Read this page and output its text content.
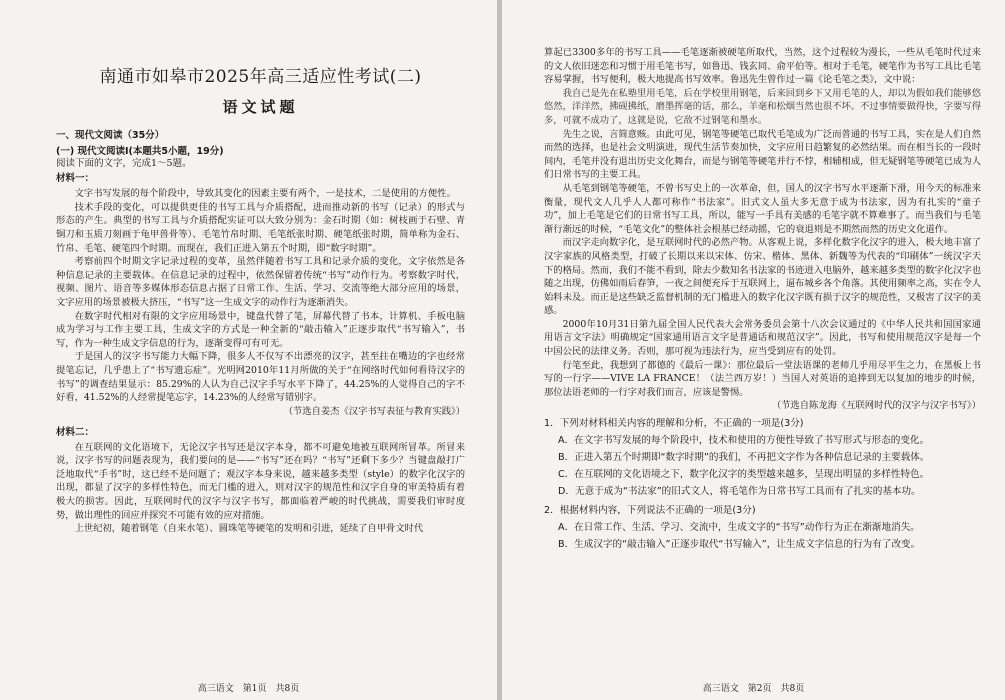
南通市如皋市2025年高三适应性考试(二)
语文试题
一、现代文阅读（35分）
(一) 现代文阅读Ⅰ(本题共5小题，19分)

阅读下面的文字，完成1～5题。

材料一：

文字书写发展的每个阶段中，导致其变化的因素主要有两个，一是技术，二是使用的方便性。

技术手段的变化，可以提供更佳的书写工具与介质搭配，进而推动新的书写（记录）的形式与形态的产生。典型的书写工具与介质搭配实证可以大致分别为：金石时期（如：树枝画于石壁、青铜刀和玉质刀刻画于龟甲兽骨等）、毛笔竹帛时期、毛笔纸张时期、硬笔纸张时期，简单称为金石、竹帛、毛笔、硬笔四个时期。而现在，我们正进入第五个时期，即“数字时期”。

考察前四个时期文字记录过程的变革，虽然伴随着书写工具和记录介质的变化，文字依然是各种信息记录的主要载体。在信息记录的过程中，依然保留着传统“书写”动作行为。考察数字时代，视频、图片、语音等多媒体形态信息占据了日常工作、生活、学习、交流等绝大部分应用的场景，文字应用的场景被极大挤压，“书写”这一生成文字的动作行为逐渐消失。

在数字时代相对有限的文字应用场景中，键盘代替了笔，屏幕代替了书本，计算机、手板电脑成为学习与工作主要工具，生成文字的方式是一种全新的“敲击输入”正逐步取代“书写输入”，书写，作为一种生成文字信息的行为，逐渐变得可有可无。

于是国人的汉字书写能力大幅下降，很多人不仅写不出漂亮的汉字，甚至拄在嘴边的字也经常提笔忘记，几乎患上了“书写遗忘症”。光明网2010年11月所做的关于“在网络时代如何看待汉字的书写”的调查结果显示：85.29%的人认为自己汉字手写水平下降了，44.25%的人觉得自己的字不好看，41.52%的人经常提笔忘字，14.23%的人经常写错别字。

（节选自姜杰《汉字书写表征与教育实践》）

材料二：

在互联网的文化语境下，无论汉字书写还是汉字本身，都不可避免地被互联网所冒革。所冒来说，汉字书写的问题表现为，我们要问的是——“书写”还在吗？“书写”还剩下多少？当键盘敲打广泛地取代“手书”时，这已经不是问题了；观汉字本身来说，越来越多类型（style）的数字化汉字的出现，都显了汉字的多样性特色，而无门槛的进入，则对汉字的规范性和汉字自身的审美特质有着极大的损害。因此，互联网时代的汉字与汉字书写，都面临着严峻的时代挑战，需要我们审时度势，做出理性的回应并探究不可能有效的应对措施。

上世纪初，随着钢笔（自来水笔）、圆珠笔等硬笔的发明和引进，延续了自甲骨文时代

高三语文　第1页　共8页

算起已3300多年的书写工具——毛笔逐渐被硬笔所取代，当然，这个过程较为漫长，一些从毛笔时代过来的文人依旧迷恋和习惯于用毛笔书写，如鲁迅、钱玄同、俞平伯等。相对于毛笔，硬笔作为书写工具比毛笔容易掌握，书写便利，极大地提高书写效率。鲁迅先生曾作过一篇《论毛笔之类》，文中说：

我自己是先在私塾里用毛笔，后在学校里用钢笔，后来回到乡下又用毛笔的人，却以为假如我们能够悠悠然，洋洋然，拂砚拂纸，磨墨挥毫的话，那么，羊毫和松烟当然也很不坏。不过事情要做得快，字要写得多，可就不成功了，这就是说，它敌不过钢笔和墨水。

先生之说，言简意赅。由此可见，钢笔等硬笔已取代毛笔成为广泛而普通的书写工具，实在是人们自然而然的选择，也是社会文明演进，现代生活节奏加快，文字应用日趋繁复的必然结果。而在相当长的一段时间内，毛笔并没有退出历史文化舞台，而是与钢笔等硬笔并行不悖，相辅相成，但无疑钢笔等硬笔已成为人们日常书写的主要工具。

从毛笔到钢笔等硬笔，不曾书写史上的一次革命，但，国人的汉字书写水平逐渐下滑，用今天的标准来衡量，现代文人几乎人人都可称作“书法家”。旧式文人虽大多无意于成为书法家，因为有扎实的“童子功”，加上毛笔是它们的日常书写工具，所以，能写一手具有美感的毛笔字就不算难事了。而当我们与毛笔渐行渐远的时候，“毛笔文化”的整体社会根基已经动摇，它的衰退则是不期然而然的历史文化道作。

而汉字走向数字化，是互联网时代的必然产物。从客观上说，多样化数字化汉字的进入，极大地丰富了汉字家族的风格类型，打破了长期以来以宋体、仿宋、楷体、黑体、新魏等为代表的“印刷体”一统汉字天下的格局。然而，我们不能不看到，除去少数知名书法家的书迹进入电脑外，越来越多类型的数字化汉字也随之出现，仿佛如雨后春笋，一夜之间便充斥于互联网上，逼布城乡各个角落。其使用频率之高，实在令人始料未及。而正是这些缺乏监督机制的无门槛进入的数字化汉字既有损于汉字的规范性，又极害了汉字的美感。

2000年10月31日第九届全国人民代表大会常务委员会第十八次会议通过的《中华人民共和国国家通用语言文字法》明确规定“国家通用语言文字是普通话和规范汉字”。因此，书写和使用规范汉字是每一个中国公民的法律义务。否则，那可视为违法行为，应当受到应有的处罚。

行笔至此，我想到了都德的《最后一课》：那位最后一堂法语课的老师几乎用尽平生之力，在黑板上书写的一行字——VIVE LA FRANCE！（法兰西万岁！）当国人对英语的追捧到无以复加的地步的时候，那位法语老师的一行字对我们而言，应该是警惕。

（节选自陈龙海《互联网时代的汉字与汉字书写》）

1．下列对材料相关内容的理解和分析，不正确的一项是(3分)

A．在文字书写发展的每个阶段中，技术和使用的方便性导致了书写形式与形态的变化。

B．正进入第五个时期即“数字时期”的我们，不再把文字作为各种信息记录的主要载体。

C．在互联网的文化语境之下，数字化汉字的类型越来越多，呈现出明显的多样性特色。

D．无意于成为“书法家”的旧式文人，将毛笔作为日常书写工具而有了扎实的基本功。

2．根据材料内容，下列说法不正确的一项是(3分)

A．在日常工作、生活、学习、交流中，生成文字的“书写”动作行为正在渐渐地消失。

B．生成汉字的“敲击输入”正逐步取代“书写输入”，让生成文字信息的行为有了改变。

高三语文　第2页　共8页
